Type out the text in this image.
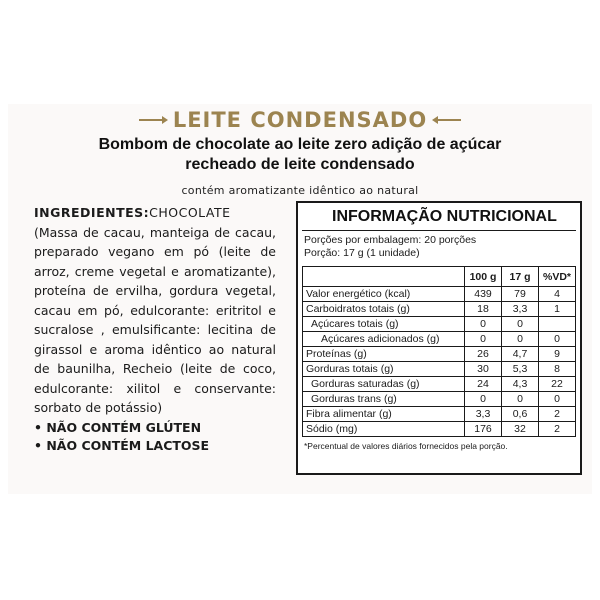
LEITE CONDENSADO
Bombom de chocolate ao leite zero adição de açúcar
recheado de leite condensado
contém aromatizante idêntico ao natural
INGREDIENTES:CHOCOLATE (Massa de cacau, manteiga de cacau, preparado vegano em pó (leite de arroz, creme vegetal e aromatizante), proteína de ervilha, gordura vegetal, cacau em pó, edulcorante: eritritol e sucralose , emulsificante: lecitina de girassol e aroma idêntico ao natural de baunilha, Recheio (leite de coco, edulcorante: xilitol e conservante: sorbato de potássio)
• NÃO CONTÉM GLÚTEN
• NÃO CONTÉM LACTOSE
INFORMAÇÃO NUTRICIONAL
Porções por embalagem: 20 porções
Porção: 17 g (1 unidade)
	100 g	17 g	%VD*
Valor energético (kcal)	439	79	4
Carboidratos totais (g)	18	3,3	1
Açúcares totais (g)	0	0	
Açúcares adicionados (g)	0	0	0
Proteínas (g)	26	4,7	9
Gorduras totais (g)	30	5,3	8
Gorduras saturadas (g)	24	4,3	22
Gorduras trans (g)	0	0	0
Fibra alimentar (g)	3,3	0,6	2
Sódio (mg)	176	32	2
*Percentual de valores diários fornecidos pela porção.
